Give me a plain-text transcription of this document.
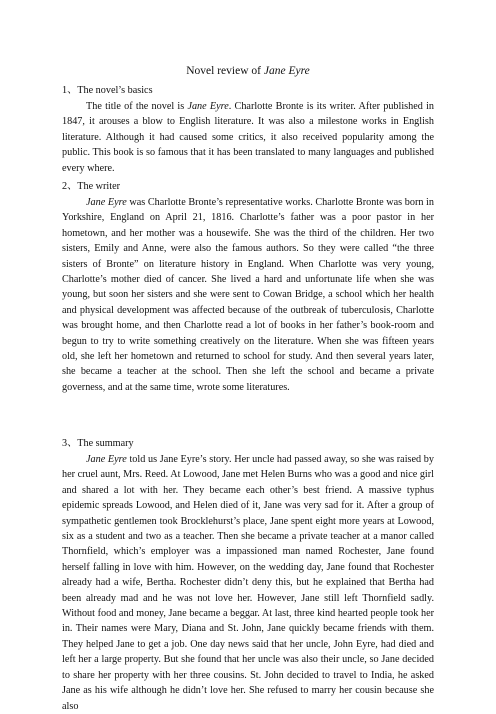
Novel review of Jane Eyre
1、The novel’s basics

The title of the novel is Jane Eyre. Charlotte Bronte is its writer. After published in 1847, it arouses a blow to English literature. It was also a milestone works in English literature. Although it had caused some critics, it also received popularity among the public. This book is so famous that it has been translated to many languages and published every where.

2、The writer

Jane Eyre was Charlotte Bronte’s representative works. Charlotte Bronte was born in Yorkshire, England on April 21, 1816. Charlotte’s father was a poor pastor in her hometown, and her mother was a housewife. She was the third of the children. Her two sisters, Emily and Anne, were also the famous authors. So they were called “the three sisters of Bronte” on literature history in England. When Charlotte was very young, Charlotte’s mother died of cancer. She lived a hard and unfortunate life when she was young, but soon her sisters and she were sent to Cowan Bridge, a school which her health and physical development was affected because of the outbreak of tuberculosis, Charlotte was brought home, and then Charlotte read a lot of books in her father’s book-room and begun to try to write something creatively on the literature. When she was fifteen years old, she left her hometown and returned to school for study. And then several years later, she became a teacher at the school. Then she left the school and became a private governess, and at the same time, wrote some literatures.

3、The summary

Jane Eyre told us Jane Eyre’s story. Her uncle had passed away, so she was raised by her cruel aunt, Mrs. Reed. At Lowood, Jane met Helen Burns who was a good and nice girl and shared a lot with her. They became each other’s best friend. A massive typhus epidemic spreads Lowood, and Helen died of it, Jane was very sad for it. After a group of sympathetic gentlemen took Brocklehurst’s place, Jane spent eight more years at Lowood, six as a student and two as a teacher. Then she became a private teacher at a manor called Thornfield, which’s employer was a impassioned man named Rochester, Jane found herself falling in love with him. However, on the wedding day, Jane found that Rochester already had a wife, Bertha. Rochester didn’t deny this, but he explained that Bertha had been already mad and he was not love her. However, Jane still left Thornfield sadly. Without food and money, Jane became a beggar. At last, three kind hearted people took her in. Their names were Mary, Diana and St. John, Jane quickly became friends with them. They helped Jane to get a job. One day news said that her uncle, John Eyre, had died and left her a large property. But she found that her uncle was also their uncle, so Jane decided to share her property with her three cousins. St. John decided to travel to India, he asked Jane as his wife although he didn’t love her. She refused to marry her cousin because she also
